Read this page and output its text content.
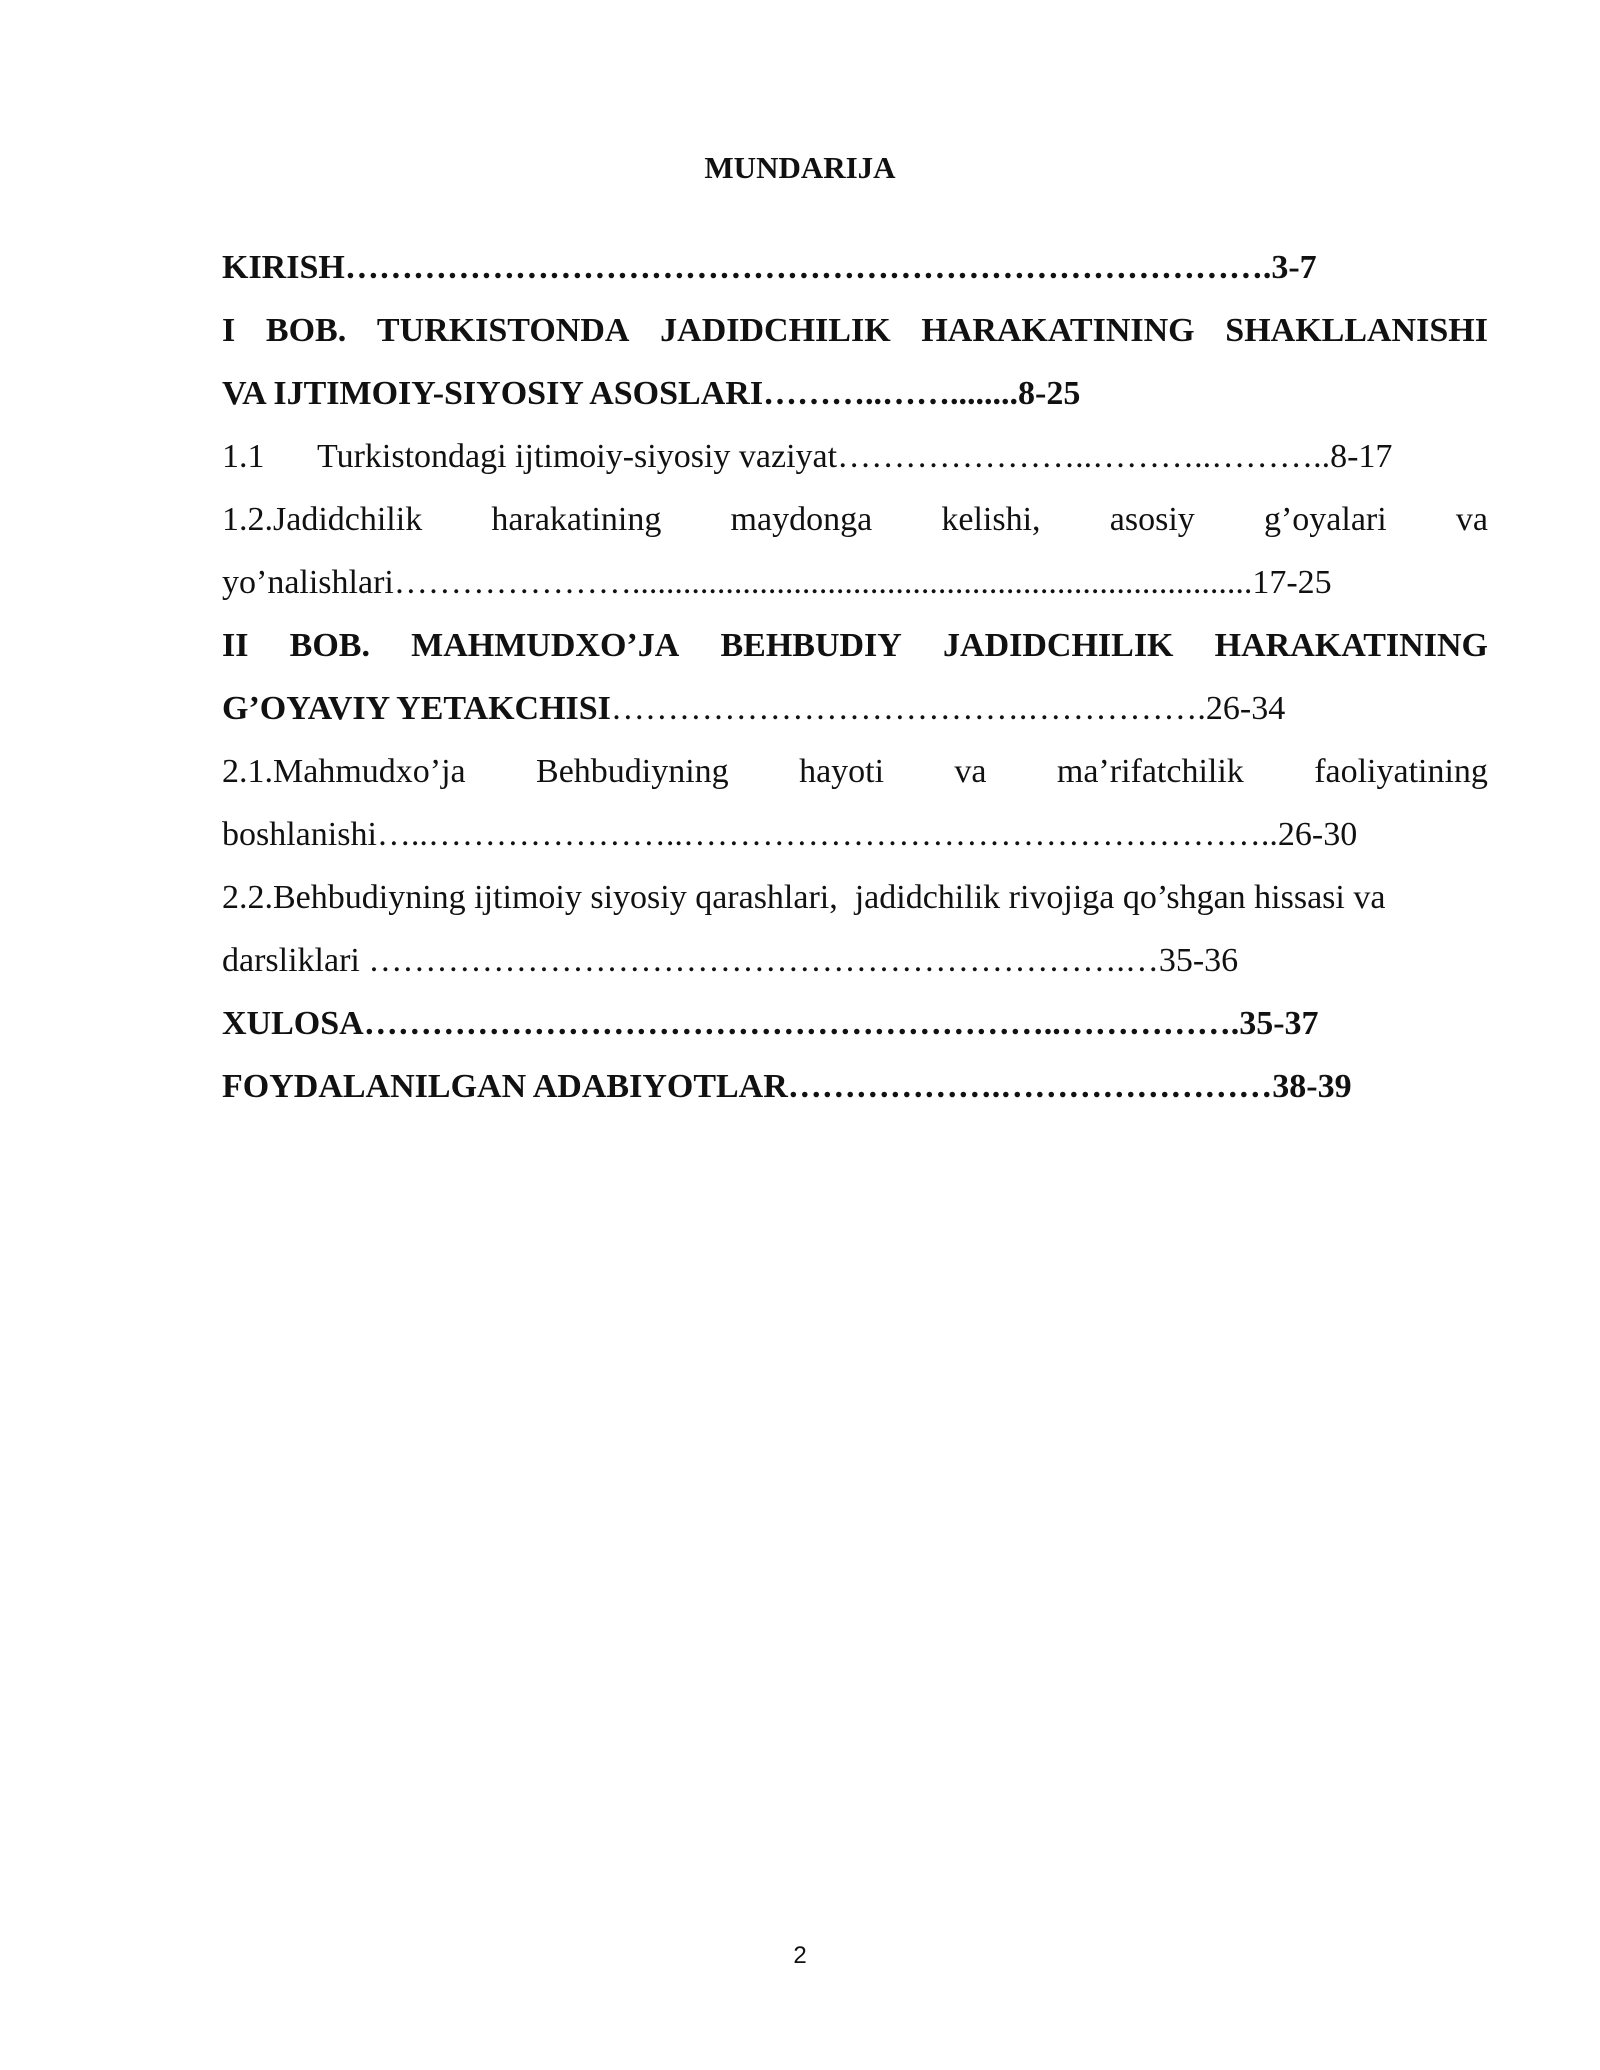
MUNDARIJA
KIRISH……………………………………………………………………….3-7
I BOB. TURKISTONDA JADIDCHILIK HARAKATINING SHAKLLANISHI
VA IJTIMOIY-SIYOSIY ASOSLARI………..……........8-25
1.1 Turkistondagi ijtimoiy-siyosiy vaziyat…………………..………..………..8-17
1.2.Jadidchilik harakatining maydonga kelishi, asosiy g’oyalari va
yo’nalishlari………………….........................................................................17-25
II BOB. MAHMUDXO’JA BEHBUDIY JADIDCHILIK HARAKATINING
G’OYAVIY YETAKCHISI……………………………….…………….26-34
2.1.Mahmudxo’ja Behbudiyning hayoti va ma’rifatchilik faoliyatining
boshlanishi…..…………………..……………………………………………..26-30
2.2.Behbudiyning ijtimoiy siyosiy qarashlari,  jadidchilik rivojiga qo’shgan hissasi va
darsliklari ………………………………………………………….…35-36
XULOSA……………………………………………………..…………….35-37
FOYDALANILGAN ADABIYOTLAR……………….……………………38-39
2
